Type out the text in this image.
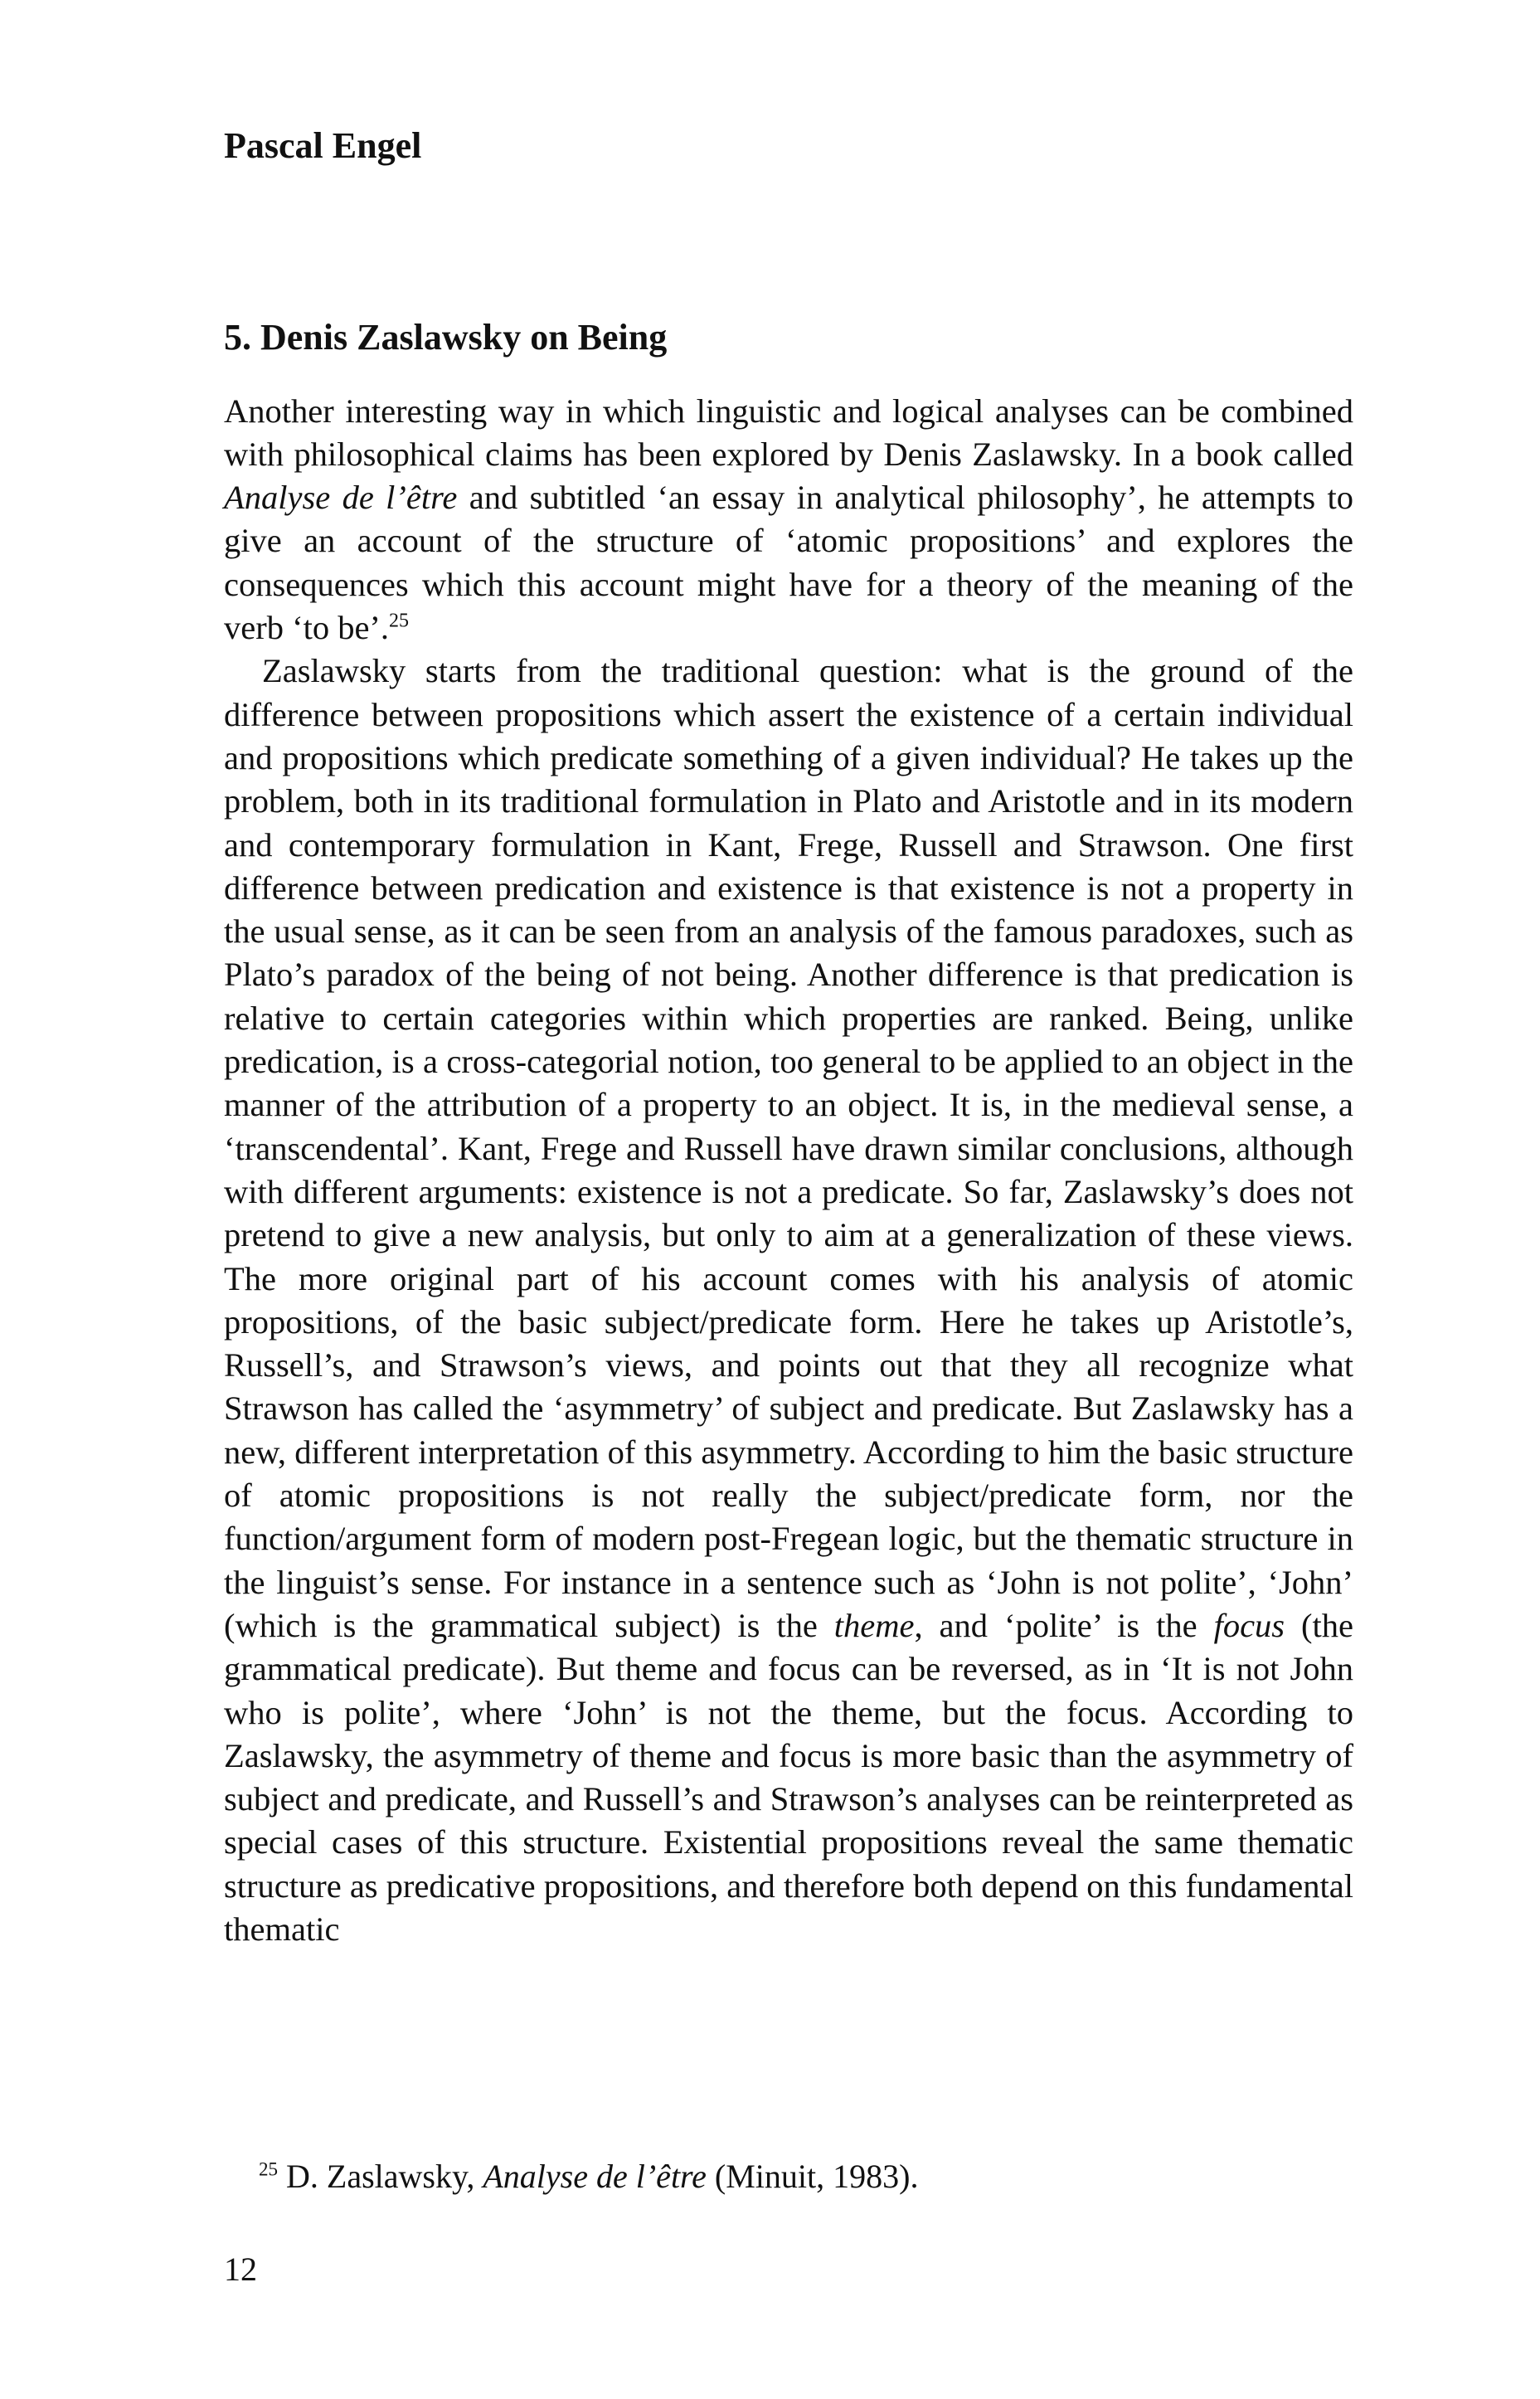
Pascal Engel

5. Denis Zaslawsky on Being

Another interesting way in which linguistic and logical analyses can be combined with philosophical claims has been explored by Denis Zaslawsky. In a book called Analyse de l’être and subtitled ‘an essay in analytical philosophy’, he attempts to give an account of the structure of ‘atomic propositions’ and explores the consequences which this account might have for a theory of the meaning of the verb ‘to be’.$^{25}$

Zaslawsky starts from the traditional question: what is the ground of the difference between propositions which assert the existence of a certain individual and propositions which predicate something of a given individual? He takes up the problem, both in its traditional formulation in Plato and Aristotle and in its modern and contemporary formulation in Kant, Frege, Russell and Strawson. One first difference between predication and existence is that existence is not a property in the usual sense, as it can be seen from an analysis of the famous paradoxes, such as Plato’s paradox of the being of not being. Another difference is that predication is relative to certain categories within which properties are ranked. Being, unlike predication, is a cross-categorial notion, too general to be applied to an object in the manner of the attribution of a property to an object. It is, in the medieval sense, a ‘transcendental’. Kant, Frege and Russell have drawn similar conclusions, although with different arguments: existence is not a predicate. So far, Zaslawsky’s does not pretend to give a new analysis, but only to aim at a generalization of these views. The more original part of his account comes with his analysis of atomic propositions, of the basic subject/predicate form. Here he takes up Aristotle’s, Russell’s, and Strawson’s views, and points out that they all recognize what Strawson has called the ‘asymmetry’ of subject and predicate. But Zaslawsky has a new, different interpretation of this asymmetry. According to him the basic structure of atomic propositions is not really the subject/predicate form, nor the function/argument form of modern post-Fregean logic, but the thematic structure in the linguist’s sense. For instance in a sentence such as ‘John is not polite’, ‘John’ (which is the grammatical subject) is the theme, and ‘polite’ is the focus (the grammatical predicate). But theme and focus can be reversed, as in ‘It is not John who is polite’, where ‘John’ is not the theme, but the focus. According to Zaslawsky, the asymmetry of theme and focus is more basic than the asymmetry of subject and predicate, and Russell’s and Strawson’s analyses can be reinterpreted as special cases of this structure. Existential propositions reveal the same thematic structure as predicative propositions, and therefore both depend on this fundamental thematic

$^{25}$ D. Zaslawsky, Analyse de l’être (Minuit, 1983).

12
